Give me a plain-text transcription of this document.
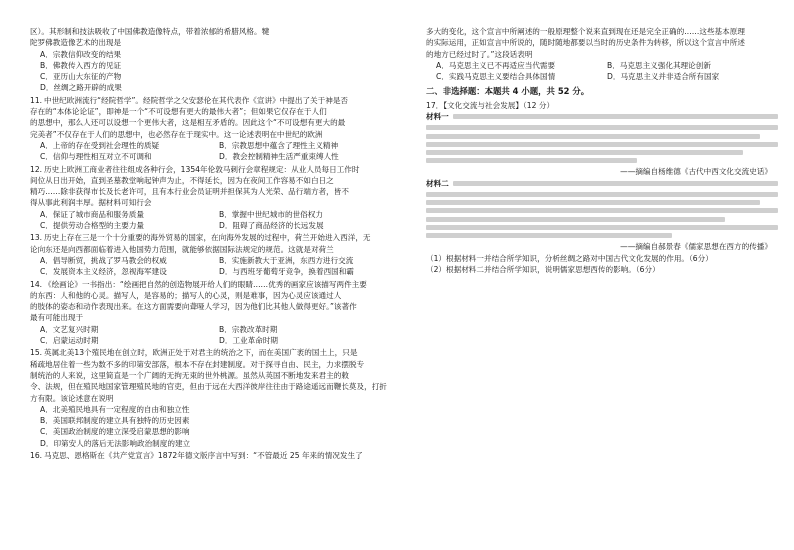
区）。其形制和技法吸收了中国佛教造像特点，带着浓郁的希腊风格。犍
陀罗佛教造像艺术的出现是
A．宗教信仰改变的结果
B．佛教传入西方的见证
C．亚历山大东征的产物
D．丝绸之路开辟的成果
11. 中世纪欧洲流行“经院哲学”。经院哲学之父安瑟伦在其代表作《宣讲》中提出了关于神是否
存在的“本体论论证”，即神是一个“不可设想有更大的最伟大者”；但如果它仅存在于人们
的思想中，那么人还可以设想一个更伟大者，这是相互矛盾的。因此这个“不可设想有更大的最
完美者”不仅存在于人们的思想中，也必然存在于现实中。这一论述表明在中世纪的欧洲
A．上帝的存在受到社会理性的质疑	B．宗教思想中蕴含了理性主义精神
C．信仰与理性相互对立不可调和	D．教会控制精神生活严重束缚人性
12. 历史上欧洲工商业者往往组成各种行会，1354年伦敦马刺行会章程规定：从业人员每日工作时
间位从日出开始，直到圣墓教堂响起钟声为止，不得延长，因为在夜间工作容易不如白日之
精巧……除非获得市长及长老许可，且有本行业会员证明并担保其为人光荣、品行端方者，皆不
得从事此利润丰厚。据材料可知行会
A．保证了城市商品和服务质量	B．掌握中世纪城市的世俗权力
C．提供劳动合格型的主要力量	D．阻碍了商品经济的长远发展
13. 历史上存在三是一个十分重要的海外贸易的国家，在向海外发展的过程中，荷兰开始进入西洋，无
论向东还是向西都面临着进入他国势力范围，就能够依据国际法规定的规范。这就是对荷兰
A．倡导断贸，挑战了罗马教会的权威	B．实施新教大于亚洲，东西方进行交流
C．发展资本主义经济，忽视海军建设	D．与西班牙葡萄牙竞争，换着西国和霸
14. 《绘画论》一书指出：“绘画把自然的创造物展开给人们的眼睛……优秀的画家应该描写两件主要
的东西：人和他的心灵。描写人，是容易的；描写人的心灵，则是难事，因为心灵应该通过人
的肢体的姿态和动作表现出来。在这方面需要向聋哑人学习，因为他们比其他人做得更好。”该著作
最有可能出现于
A．文艺复兴时期	B．宗教改革时期
C．启蒙运动时期	D．工业革命时期
15. 英属北美13个殖民地在创立时，欧洲正处于对君主的统治之下，而在美国广袤的国土上，只是
稀疏地居住着一些为数不多的印第安部落，根本不存在封建制度。对于探寻自由、民主，力求摆脱专
制统治的人来说，这里简直是一个广阔的无拘无束的世外桃源。虽然从英国不断地发来君主的敕
令、法规，但在殖民地国家管理殖民地的官吏，但由于远在大西洋彼岸往往由于路途遥远而鞭长莫及，打折
方有限。该论述意在说明
A．北美殖民地具有一定程度的自由和独立性
B．美国联邦制度的建立具有独特的历史因素
C．美国政治制度的建立深受启蒙思想的影响
D．印第安人的落后无法影响政治制度的建立
16. 马克思、恩格斯在《共产党宣言》1872年德文版序言中写到：“不管最近 25 年来的情况发生了
多大的变化，这个宣言中所阐述的一般原理整个说来直到现在还是完全正确的……这些基本原理
的实际运用，正如宣言中所说的，随时随地都要以当时的历史条件为转移，所以这个宣言中所述
的地方已经过时了。”这段话表明
A．马克思主义已不再适应当代需要	B．马克思主义强化其理论创新
C．实践马克思主义要结合具体国情	D．马克思主义并非适合所有国家
二、非选择题：本题共 4 小题，共 52 分。
17．【文化交流与社会发展】（12 分）
材料一
——摘编自杨维德《古代中西文化交流史话》
材料二
——摘编自郝景春《儒家思想在西方的传播》
（1）根据材料一并结合所学知识，分析丝绸之路对中国古代文化发展的作用。（6分）
（2）根据材料二并结合所学知识，说明儒家思想西传的影响。（6分）
